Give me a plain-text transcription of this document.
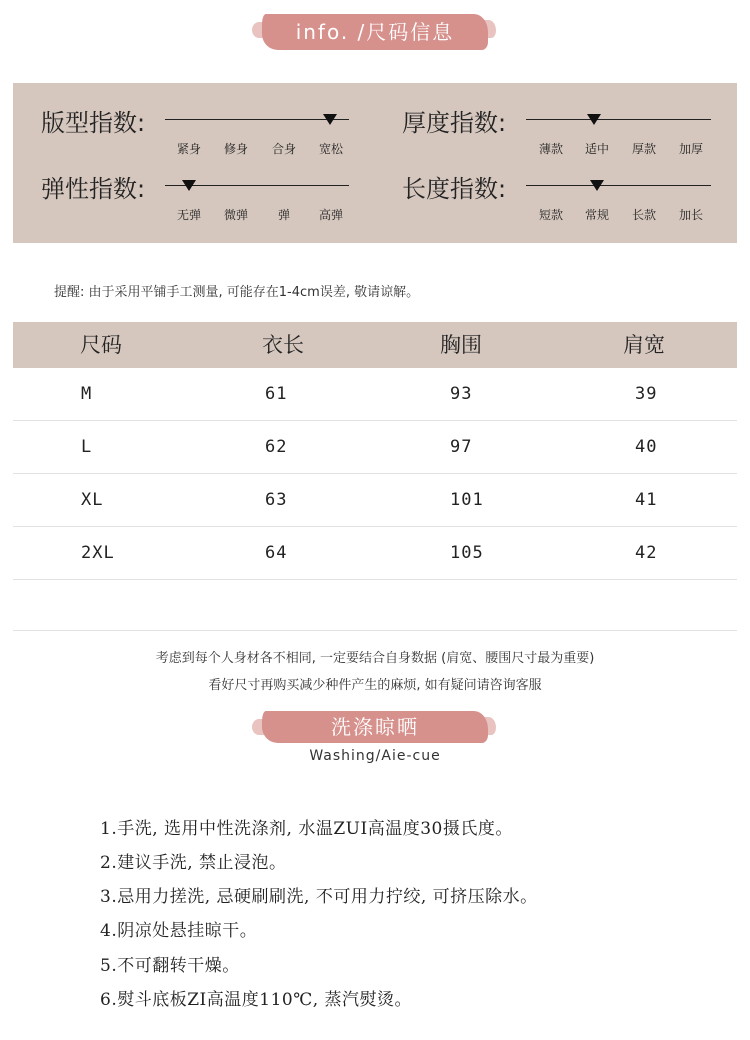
info. /尺码信息
版型指数:
紧身 修身 合身 宽松
厚度指数:
薄款 适中 厚款 加厚
弹性指数:
无弹 微弹 弹 高弹
长度指数:
短款 常规 长款 加长
提醒: 由于采用平铺手工测量, 可能存在1-4cm误差, 敬请谅解。
尺码	衣长	胸围	肩宽
M	61	93	39
L	62	97	40
XL	63	101	41
2XL	64	105	42
考虑到每个人身材各不相同, 一定要结合自身数据 (肩宽、腰围尺寸最为重要)
看好尺寸再购买减少种件产生的麻烦, 如有疑问请咨询客服
洗涤晾晒
Washing/Aie-cue
1.手洗, 选用中性洗涤剂, 水温ZUI高温度30摄氏度。
2.建议手洗, 禁止浸泡。
3.忌用力搓洗, 忌硬刷刷洗, 不可用力拧绞, 可挤压除水。
4.阴凉处悬挂晾干。
5.不可翻转干燥。
6.熨斗底板ZI高温度110℃, 蒸汽熨烫。
